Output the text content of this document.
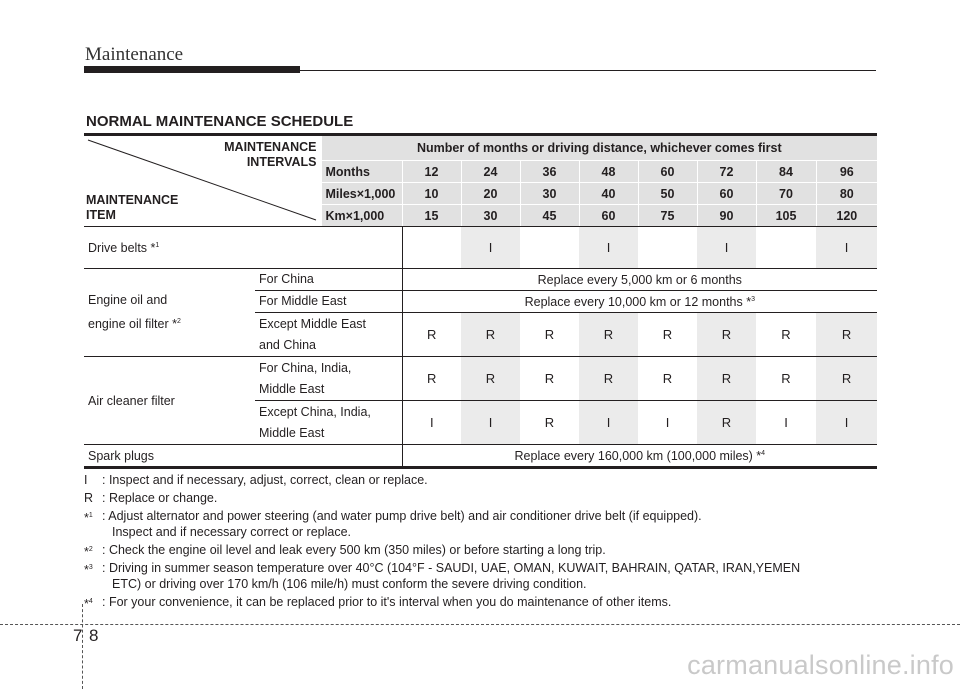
Maintenance
NORMAL MAINTENANCE SCHEDULE
MAINTENANCE
INTERVALS
MAINTENANCE
ITEM		Number of months or driving distance, whichever comes first								
		Months	12	24	36	48	60	72	84	96
		Miles×1,000	10	20	30	40	50	60	70	80
		Km×1,000	15	30	45	60	75	90	105	120
Drive belts *$^1$				I		I		I		I

Engine oil and
engine oil filter *$^2$	For China		Replace every 5,000 km or 6 months							
	For Middle East		Replace every 10,000 km or 12 months *$^3$

	Except Middle East
and China		R	R	R	R	R	R	R	R
Air cleaner filter	For China, India,
Middle East		R	R	R	R	R	R	R	R

	Except China, India,
Middle East		I	I	R	I	I	R	I	I
Spark plugs			Replace every 160,000 km (100,000 miles) *$^4$
I : Inspect and if necessary, adjust, correct, clean or replace.
R : Replace or change.
*$^1$ : Adjust alternator and power steering (and water pump drive belt) and air conditioner drive belt (if equipped).
Inspect and if necessary correct or replace.
*$^2$ : Check the engine oil level and leak every 500 km (350 miles) or before starting a long trip.
*$^3$ : Driving in summer season temperature over 40°C (104°F - SAUDI, UAE, OMAN, KUWAIT, BAHRAIN, QATAR, IRAN,YEMEN
ETC) or driving over 170 km/h (106 mile/h) must conform the severe driving condition.
*$^4$ : For your convenience, it can be replaced prior to it's interval when you do maintenance of other items.
7 8
carmanualsonline.info
